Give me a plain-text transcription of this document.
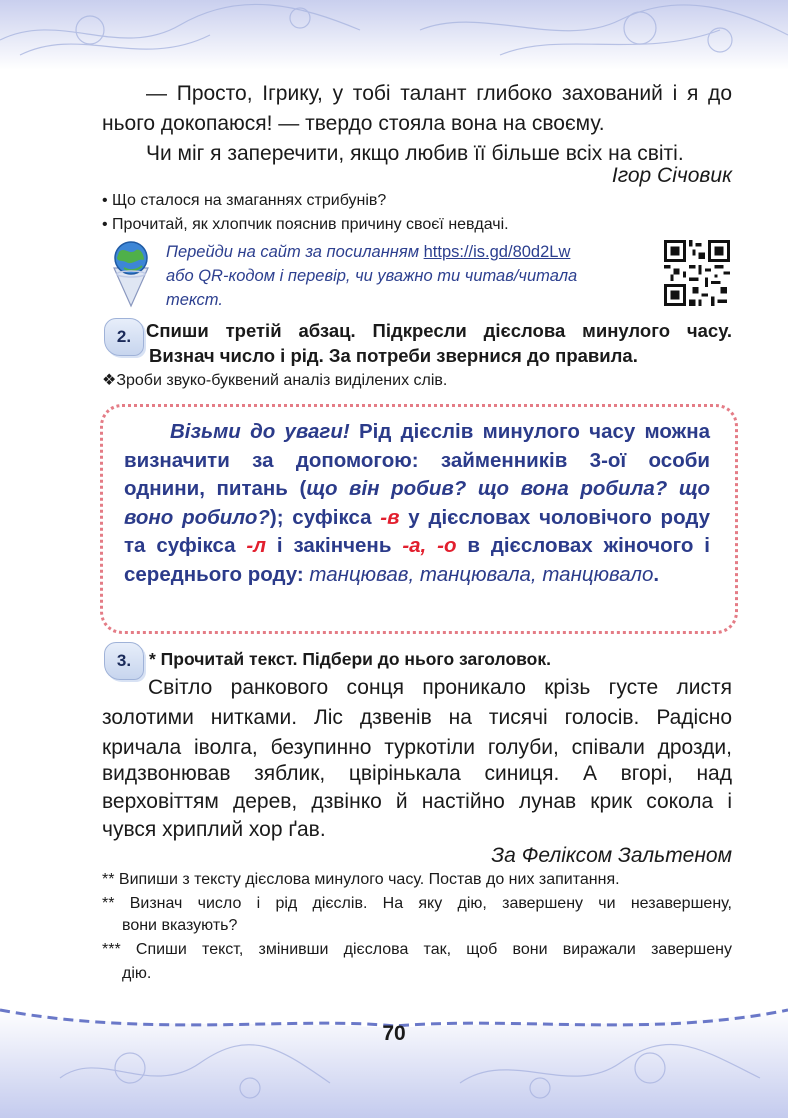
— Просто, Ігрику, у тобі талант глибоко захований і я до
нього докопаюся! — твердо стояла вона на своєму.
Чи міг я заперечити, якщо любив її більше всіх на світі.
Ігор Січовик
• Що сталося на змаганнях стрибунів?
• Прочитай, як хлопчик пояснив причину своєї невдачі.
Перейди на сайт за посиланням https://is.gd/80d2Lw
або QR-кодом і перевір, чи уважно ти читав/читала
текст.
2. Спиши третій абзац. Підкресли дієслова минулого часу.
Визнач число і рід. За потреби звернися до правила.
❖Зроби звуко-буквений аналіз виділених слів.
Візьми до уваги! Рід дієслів минулого часу можна визначити за допомогою: займенників 3-ої особи однини, питань (що він робив? що вона робила? що воно робило?); суфікса -в у дієсловах чоловічого роду та суфікса -л і закінчень -а, -о в дієсловах жіночого і середнього роду: танцював, танцювала, танцювало.
3.	* Прочитай текст. Підбери до нього заголовок.
Світло ранкового сонця проникало крізь густе листя
золотими нитками. Ліс дзвенів на тисячі голосів. Радісно
кричала іволга, безупинно туркотіли голуби, співали дрозди,
видзвонював зяблик, цвірінькала синиця. А вгорі, над
верховіттям дерев, дзвінко й настійно лунав крик сокола і
чувся хриплий хор ґав.
За Феліксом Зальтеном
** Випиши з тексту дієслова минулого часу. Постав до них запитання.
** Визнач число і рід дієслів. На яку дію, завершену чи незавершену,
вони вказують?
*** Спиши текст, змінивши дієслова так, щоб вони виражали завершену
дію.
70
